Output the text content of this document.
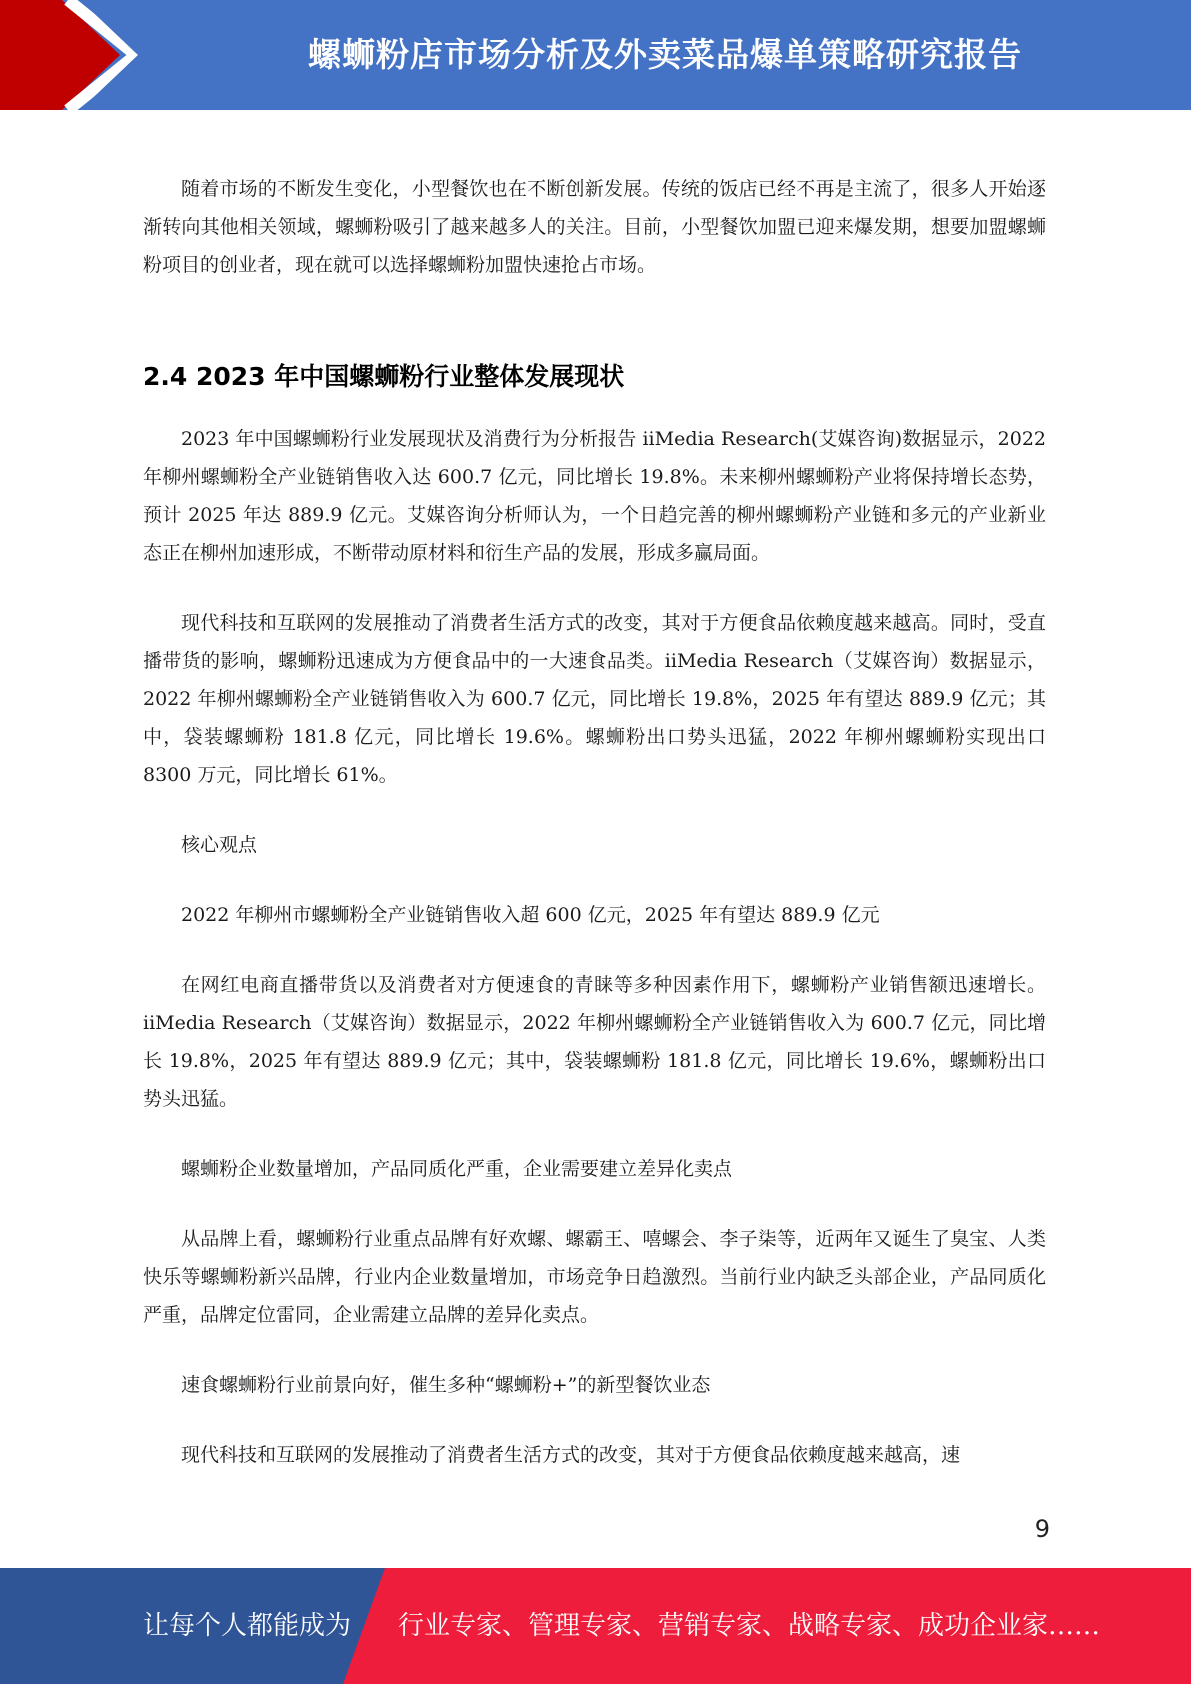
螺蛳粉店市场分析及外卖菜品爆单策略研究报告

随着市场的不断发生变化，小型餐饮也在不断创新发展。传统的饭店已经不再是主流了，很多人开始逐渐转向其他相关领域，螺蛳粉吸引了越来越多人的关注。目前，小型餐饮加盟已迎来爆发期，想要加盟螺蛳粉项目的创业者，现在就可以选择螺蛳粉加盟快速抢占市场。

2.4 2023 年中国螺蛳粉行业整体发展现状

2023 年中国螺蛳粉行业发展现状及消费行为分析报告 iiMedia Research(艾媒咨询)数据显示，2022 年柳州螺蛳粉全产业链销售收入达 600.7 亿元，同比增长 19.8%。未来柳州螺蛳粉产业将保持增长态势，预计 2025 年达 889.9 亿元。艾媒咨询分析师认为，一个日趋完善的柳州螺蛳粉产业链和多元的产业新业态正在柳州加速形成，不断带动原材料和衍生产品的发展，形成多赢局面。

现代科技和互联网的发展推动了消费者生活方式的改变，其对于方便食品依赖度越来越高。同时，受直播带货的影响，螺蛳粉迅速成为方便食品中的一大速食品类。iiMedia Research（艾媒咨询）数据显示，2022 年柳州螺蛳粉全产业链销售收入为 600.7 亿元，同比增长 19.8%，2025 年有望达 889.9 亿元；其中，袋装螺蛳粉 181.8 亿元，同比增长 19.6%。螺蛳粉出口势头迅猛，2022 年柳州螺蛳粉实现出口 8300 万元，同比增长 61%。

核心观点

2022 年柳州市螺蛳粉全产业链销售收入超 600 亿元，2025 年有望达 889.9 亿元

在网红电商直播带货以及消费者对方便速食的青睐等多种因素作用下，螺蛳粉产业销售额迅速增长。iiMedia Research（艾媒咨询）数据显示，2022 年柳州螺蛳粉全产业链销售收入为 600.7 亿元，同比增长 19.8%，2025 年有望达 889.9 亿元；其中，袋装螺蛳粉 181.8 亿元，同比增长 19.6%，螺蛳粉出口势头迅猛。

螺蛳粉企业数量增加，产品同质化严重，企业需要建立差异化卖点

从品牌上看，螺蛳粉行业重点品牌有好欢螺、螺霸王、嘻螺会、李子柒等，近两年又诞生了臭宝、人类快乐等螺蛳粉新兴品牌，行业内企业数量增加，市场竞争日趋激烈。当前行业内缺乏头部企业，产品同质化严重，品牌定位雷同，企业需建立品牌的差异化卖点。

速食螺蛳粉行业前景向好，催生多种“螺蛳粉+”的新型餐饮业态

现代科技和互联网的发展推动了消费者生活方式的改变，其对于方便食品依赖度越来越高，速

9
让每个人都能成为 行业专家、管理专家、营销专家、战略专家、成功企业家……
